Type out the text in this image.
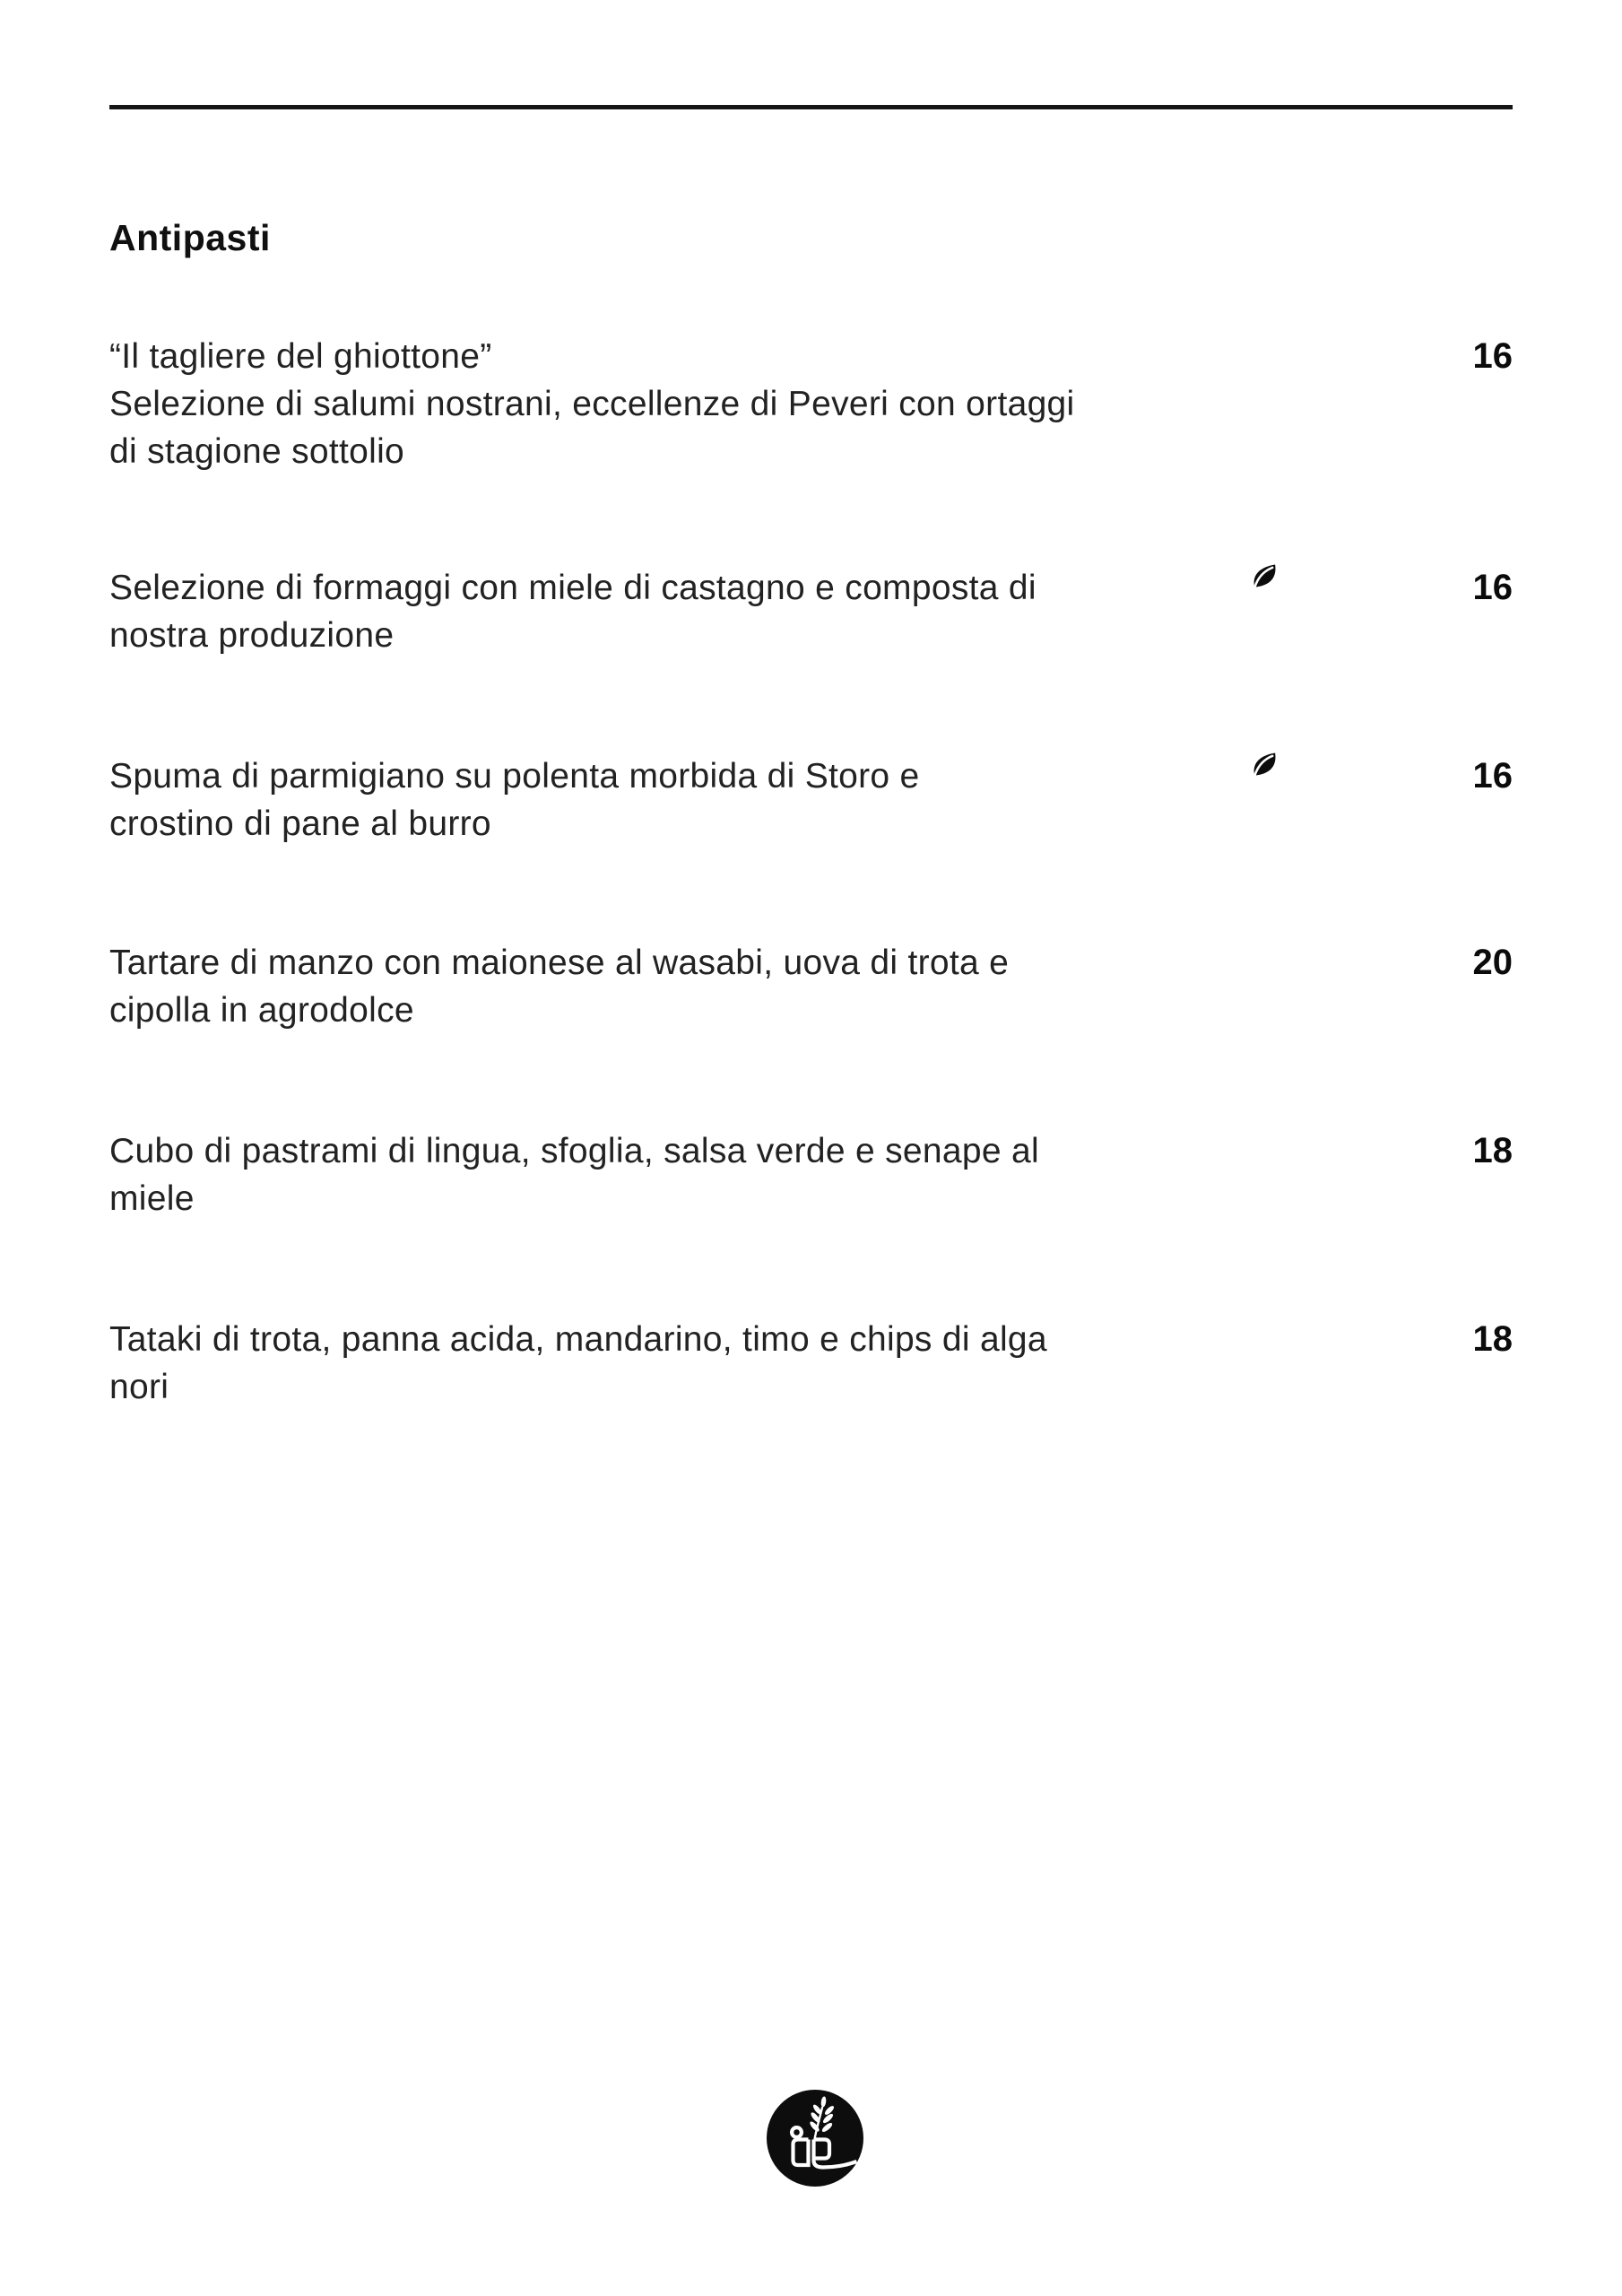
Antipasti
“Il tagliere del ghiottone”
Selezione di salumi nostrani, eccellenze di Peveri con ortaggi
di stagione sottolio
16
Selezione di formaggi con miele di castagno e composta di
nostra produzione
16
Spuma di parmigiano su polenta morbida di Storo e
crostino di pane al burro
16
Tartare di manzo con maionese al wasabi, uova di trota e
cipolla in agrodolce
20
Cubo di pastrami di lingua, sfoglia, salsa verde e senape al
miele
18
Tataki di trota, panna acida, mandarino, timo e chips di alga
nori
18
